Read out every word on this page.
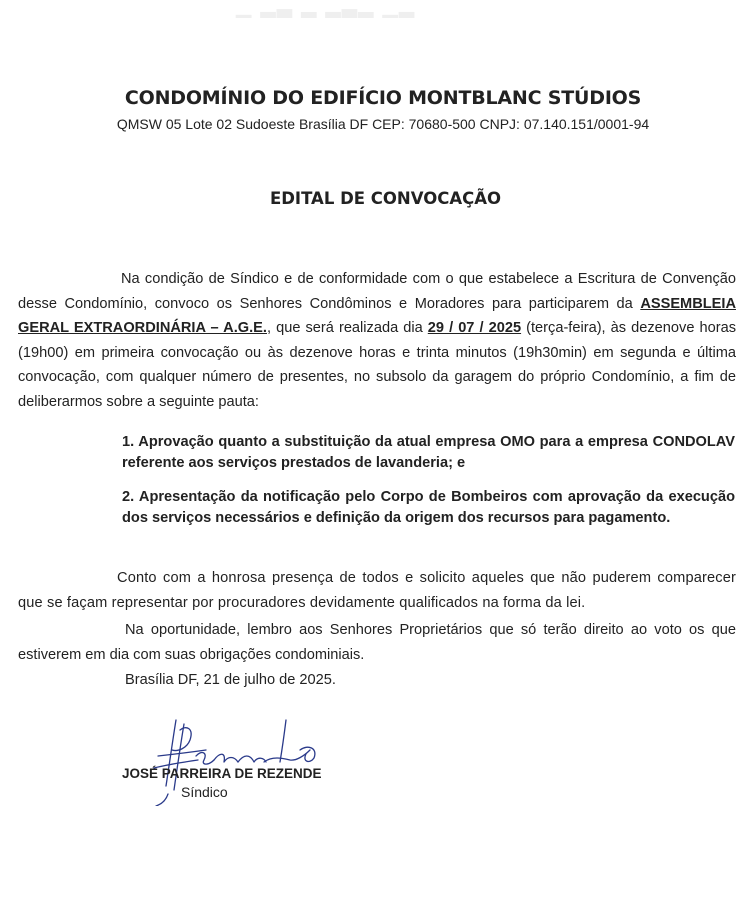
▁ ▂▃ ▂ ▂▃▂ ▁▂
CONDOMÍNIO DO EDIFÍCIO MONTBLANC STÚDIOS
QMSW 05 Lote 02 Sudoeste Brasília DF CEP: 70680-500 CNPJ: 07.140.151/0001-94
EDITAL DE CONVOCAÇÃO

Na condição de Síndico e de conformidade com o que estabelece a Escritura de Convenção desse Condomínio, convoco os Senhores Condôminos e Moradores para participarem da ASSEMBLEIA GERAL EXTRAORDINÁRIA – A.G.E., que será realizada dia 29 / 07 / 2025 (terça-feira), às dezenove horas (19h00) em primeira convocação ou às dezenove horas e trinta minutos (19h30min) em segunda e última convocação, com qualquer número de presentes, no subsolo da garagem do próprio Condomínio, a fim de deliberarmos sobre a seguinte pauta:

1. Aprovação quanto a substituição da atual empresa OMO para a empresa CONDOLAV referente aos serviços prestados de lavanderia; e

2. Apresentação da notificação pelo Corpo de Bombeiros com aprovação da execução dos serviços necessários e definição da origem dos recursos para pagamento.

Conto com a honrosa presença de todos e solicito aqueles que não puderem comparecer que se façam representar por procuradores devidamente qualificados na forma da lei.

Na oportunidade, lembro aos Senhores Proprietários que só terão direito ao voto os que estiverem em dia com suas obrigações condominiais.

Brasília DF, 21 de julho de 2025.
JOSÉ PARREIRA DE REZENDE
Síndico
